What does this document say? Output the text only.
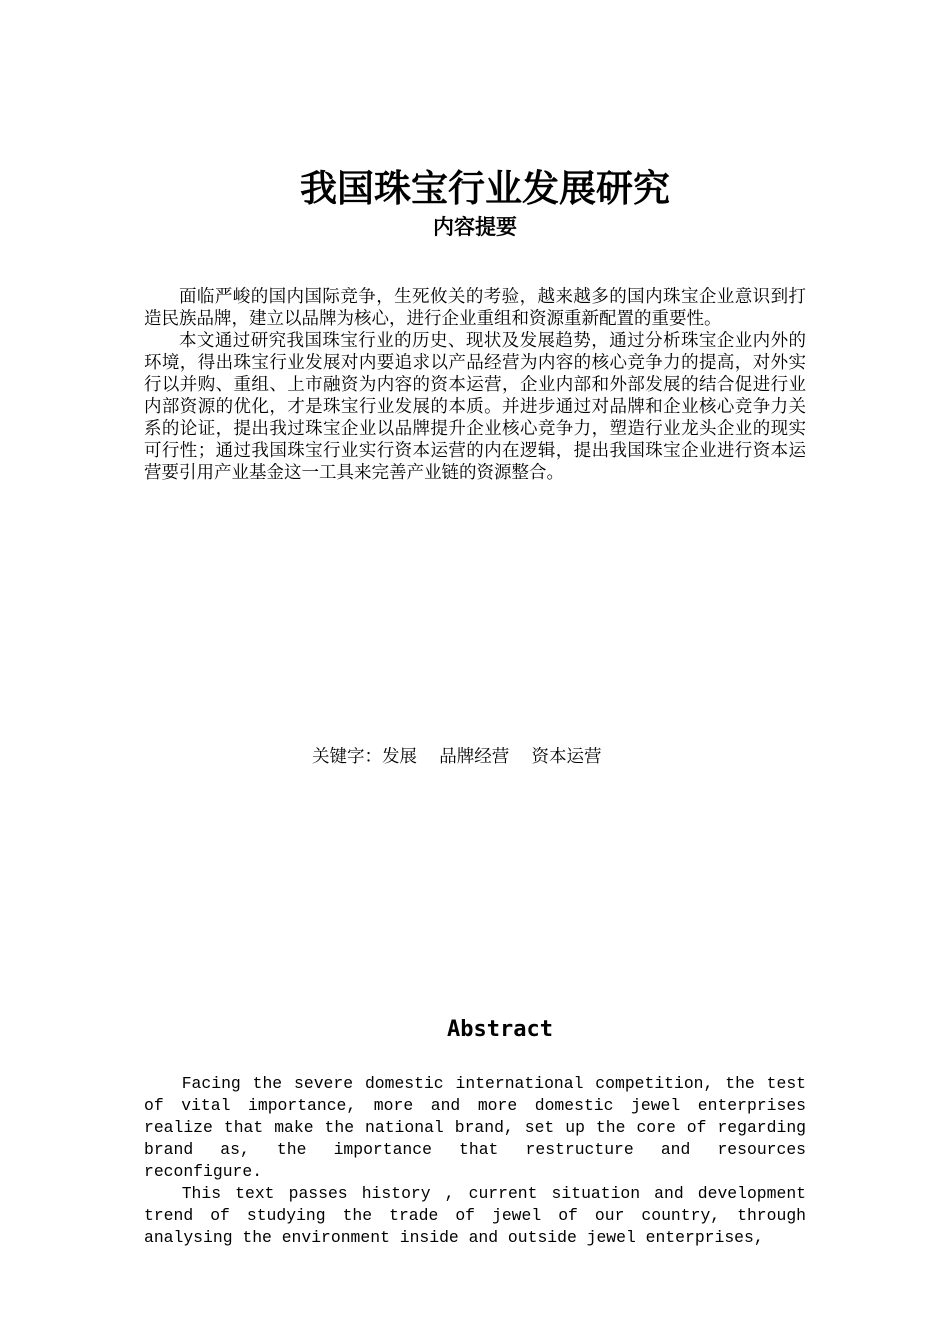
我国珠宝行业发展研究
内容提要

面临严峻的国内国际竞争，生死攸关的考验，越来越多的国内珠宝企业意识到打造民族品牌，建立以品牌为核心，进行企业重组和资源重新配置的重要性。

本文通过研究我国珠宝行业的历史、现状及发展趋势，通过分析珠宝企业内外的环境，得出珠宝行业发展对内要追求以产品经营为内容的核心竞争力的提高，对外实行以并购、重组、上市融资为内容的资本运营，企业内部和外部发展的结合促进行业内部资源的优化，才是珠宝行业发展的本质。并进步通过对品牌和企业核心竞争力关系的论证，提出我过珠宝企业以品牌提升企业核心竞争力，塑造行业龙头企业的现实可行性；通过我国珠宝行业实行资本运营的内在逻辑，提出我国珠宝企业进行资本运营要引用产业基金这一工具来完善产业链的资源整合。

关键字：发展    品牌经营    资本运营
Abstract

Facing the severe domestic international competition, the test of vital importance, more and more domestic jewel enterprises realize that make the national brand, set up the core of regarding brand as, the importance that restructure and resources reconfigure.

This text passes history , current situation and development trend of studying the trade of jewel of our country, through analysing the environment inside and outside jewel enterprises,
